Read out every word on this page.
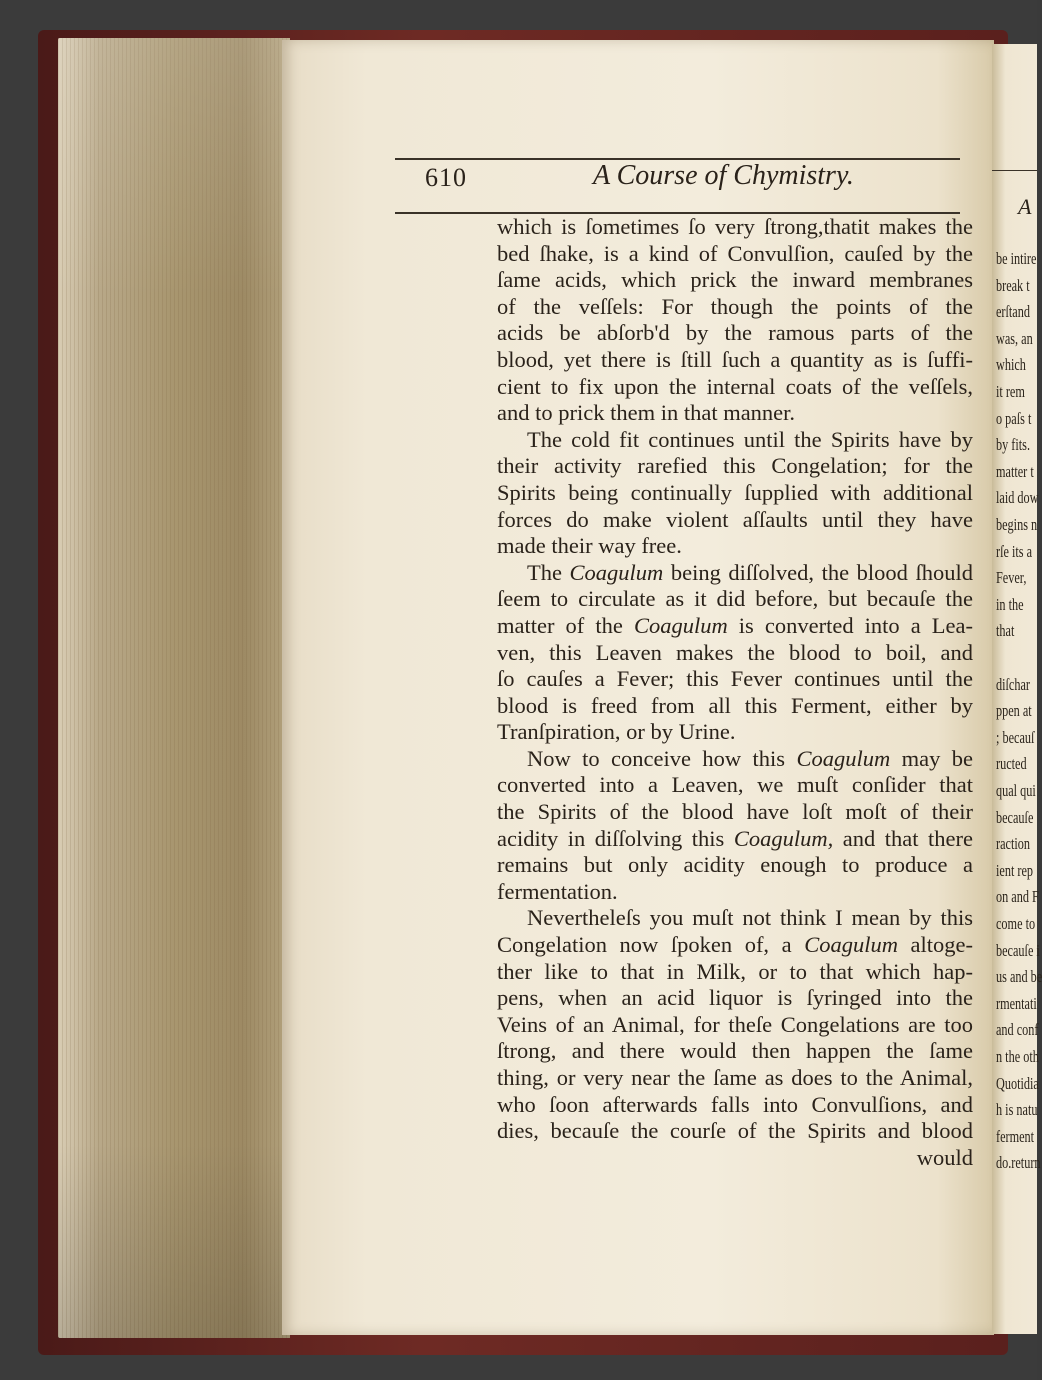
610	A Course of Chymistry.
which is ſometimes ſo very ſtrong,thatit makes the
bed ſhake, is a kind of Convulſion, cauſed by the
ſame acids, which prick the inward membranes
of the veſſels: For though the points of the
acids be abſorb'd by the ramous parts of the
blood, yet there is ſtill ſuch a quantity as is ſuffi-
cient to fix upon the internal coats of the veſſels,
and to prick them in that manner.
The cold fit continues until the Spirits have by
their activity rarefied this Congelation; for the
Spirits being continually ſupplied with additional
forces do make violent aſſaults until they have
made their way free.
The Coagulum being diſſolved, the blood ſhould
ſeem to circulate as it did before, but becauſe the
matter of the Coagulum is converted into a Lea-
ven, this Leaven makes the blood to boil, and
ſo cauſes a Fever; this Fever continues until the
blood is freed from all this Ferment, either by
Tranſpiration, or by Urine.
Now to conceive how this Coagulum may be
converted into a Leaven, we muſt conſider that
the Spirits of the blood have loſt moſt of their
acidity in diſſolving this Coagulum, and that there
remains but only acidity enough to produce a
fermentation.
Nevertheleſs you muſt not think I mean by this
Congelation now ſpoken of, a Coagulum altoge-
ther like to that in Milk, or to that which hap-
pens, when an acid liquor is ſyringed into the
Veins of an Animal, for theſe Congelations are too
ſtrong, and there would then happen the ſame
thing, or very near the ſame as does to the Animal,
who ſoon afterwards falls into Convulſions, and
dies, becauſe the courſe of the Spirits and blood
would
A
be intire
break t
erſtand
was, an
which
it rem
o paſs t
by fits.
matter t
laid dow
begins n
rſe its a
Fever,
in the
that
diſchar
ppen at
; becauſ
ructed
qual qui
becauſe
raction
ient rep
on and F
come to
becauſe i
us and be
rmentati
and conf
n the oth
Quotidia
h is natu
ferment
do.return
